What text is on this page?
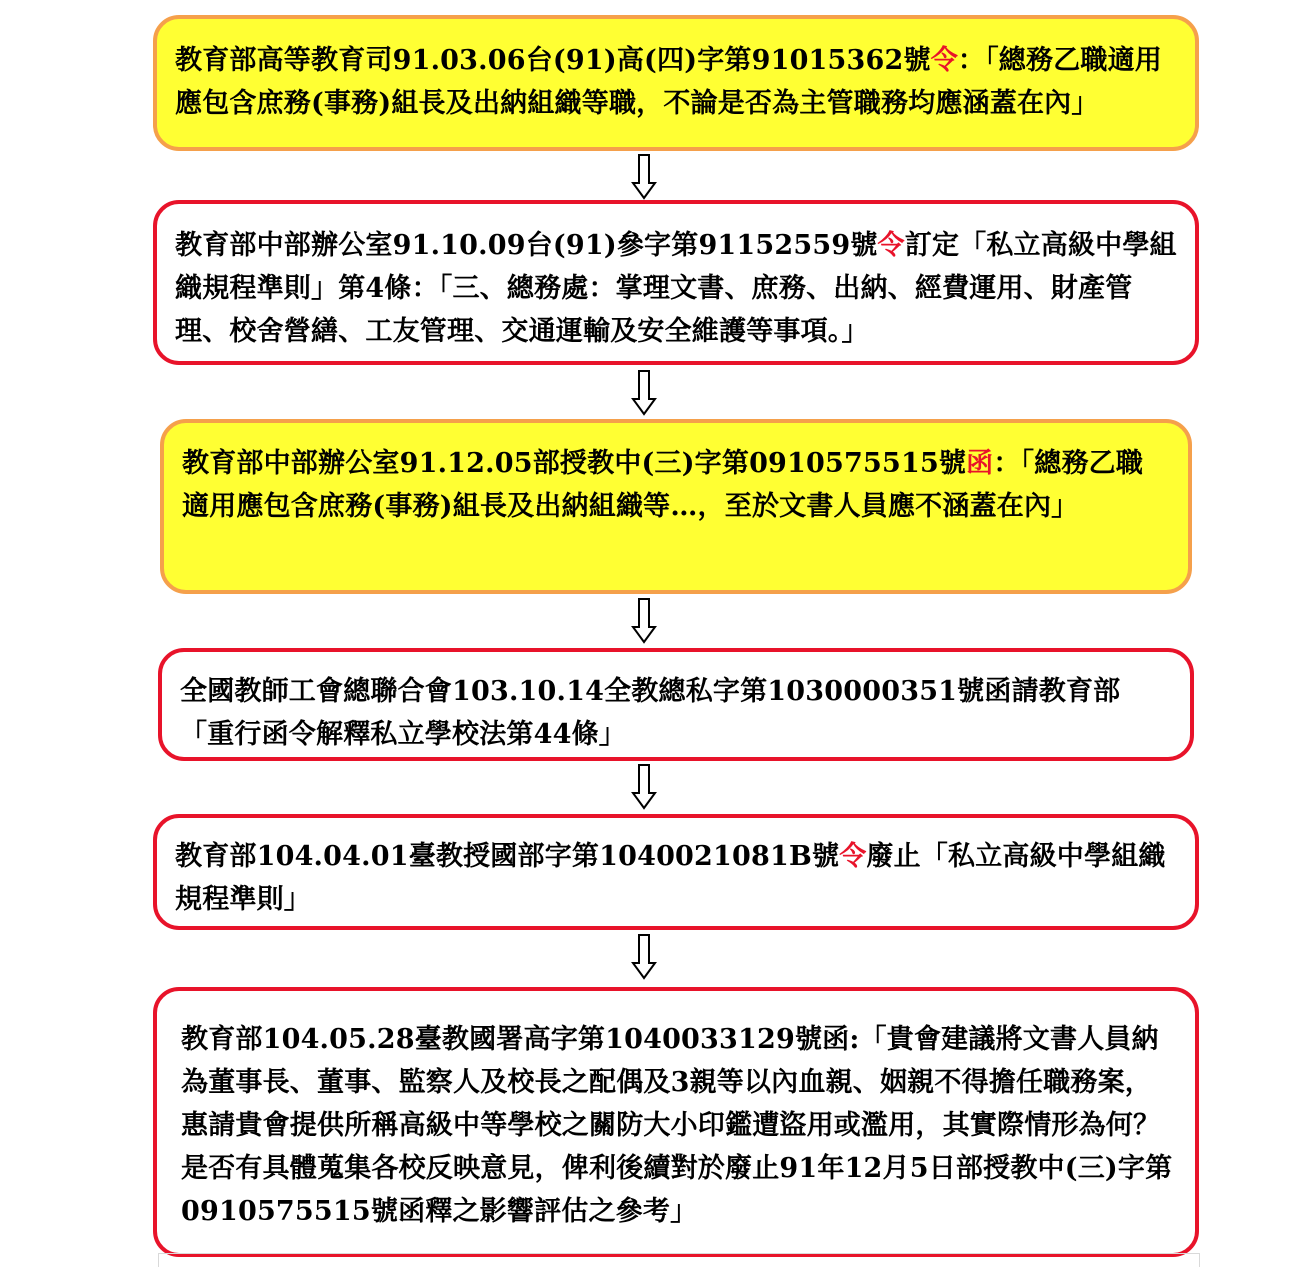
教育部高等教育司91.03.06台(91)高(四)字第91015362號令：「總務乙職適用應包含庶務(事務)組長及出納組織等職，不論是否為主管職務均應涵蓋在內」

教育部中部辦公室91.10.09台(91)參字第91152559號令訂定「私立高級中學組織規程準則」第4條：「三、總務處：掌理文書、庶務、出納、經費運用、財產管理、校舍營繕、工友管理、交通運輸及安全維護等事項。」

教育部中部辦公室91.12.05部授教中(三)字第0910575515號函：「總務乙職適用應包含庶務(事務)組長及出納組織等…，至於文書人員應不涵蓋在內」

全國教師工會總聯合會103.10.14全教總私字第1030000351號函請教育部「重行函令解釋私立學校法第44條」

教育部104.04.01臺教授國部字第1040021081B號令廢止「私立高級中學組織規程準則」

教育部104.05.28臺教國署高字第1040033129號函:「貴會建議將文書人員納為董事長、董事、監察人及校長之配偶及3親等以內血親、姻親不得擔任職務案，惠請貴會提供所稱高級中等學校之關防大小印鑑遭盜用或濫用，其實際情形為何？是否有具體蒐集各校反映意見，俾利後續對於廢止91年12月5日部授教中(三)字第0910575515號函釋之影響評估之參考」
